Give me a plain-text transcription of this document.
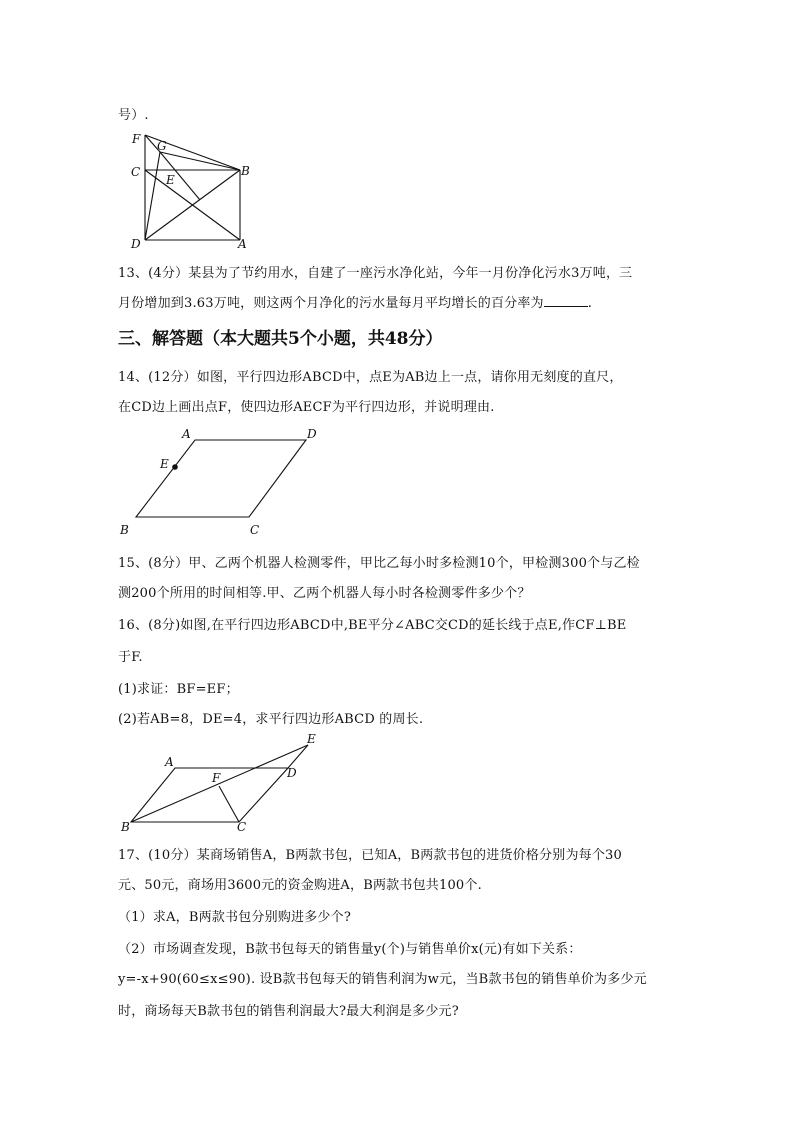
号）.
F G
C
E
B
D	A
A	D
E
B	C
E
A
F	D
B	C
13、(4分）某县为了节约用水，自建了一座污水净化站，今年一月份净化污水3万吨，三
月份增加到3.63万吨，则这两个月净化的污水量每月平均增长的百分率为	.
三、解答题（本大题共5个小题，共48分）
14、(12分）如图，平行四边形ABCD中，点E为AB边上一点，请你用无刻度的直尺，
在CD边上画出点F，使四边形AECF为平行四边形，并说明理由.
15、(8分）甲、乙两个机器人检测零件，甲比乙每小时多检测10个，甲检测300个与乙检
测200个所用的时间相等.甲、乙两个机器人每小时各检测零件多少个？
16、(8分)如图,在平行四边形ABCD中,BE平分∠ABC交CD的延长线于点E,作CF⊥BE
于F.
(1)求证：BF=EF；
(2)若AB=8，DE=4，求平行四边形ABCD 的周长.
17、(10分）某商场销售A，B两款书包，已知A，B两款书包的进货价格分别为每个30
元、50元，商场用3600元的资金购进A，B两款书包共100个.
（1）求A，B两款书包分别购进多少个?
（2）市场调查发现，B款书包每天的销售量y(个)与销售单价x(元)有如下关系：
y=-x+90(60≤x≤90). 设B款书包每天的销售利润为w元，当B款书包的销售单价为多少元
时，商场每天B款书包的销售利润最大?最大利润是多少元?
